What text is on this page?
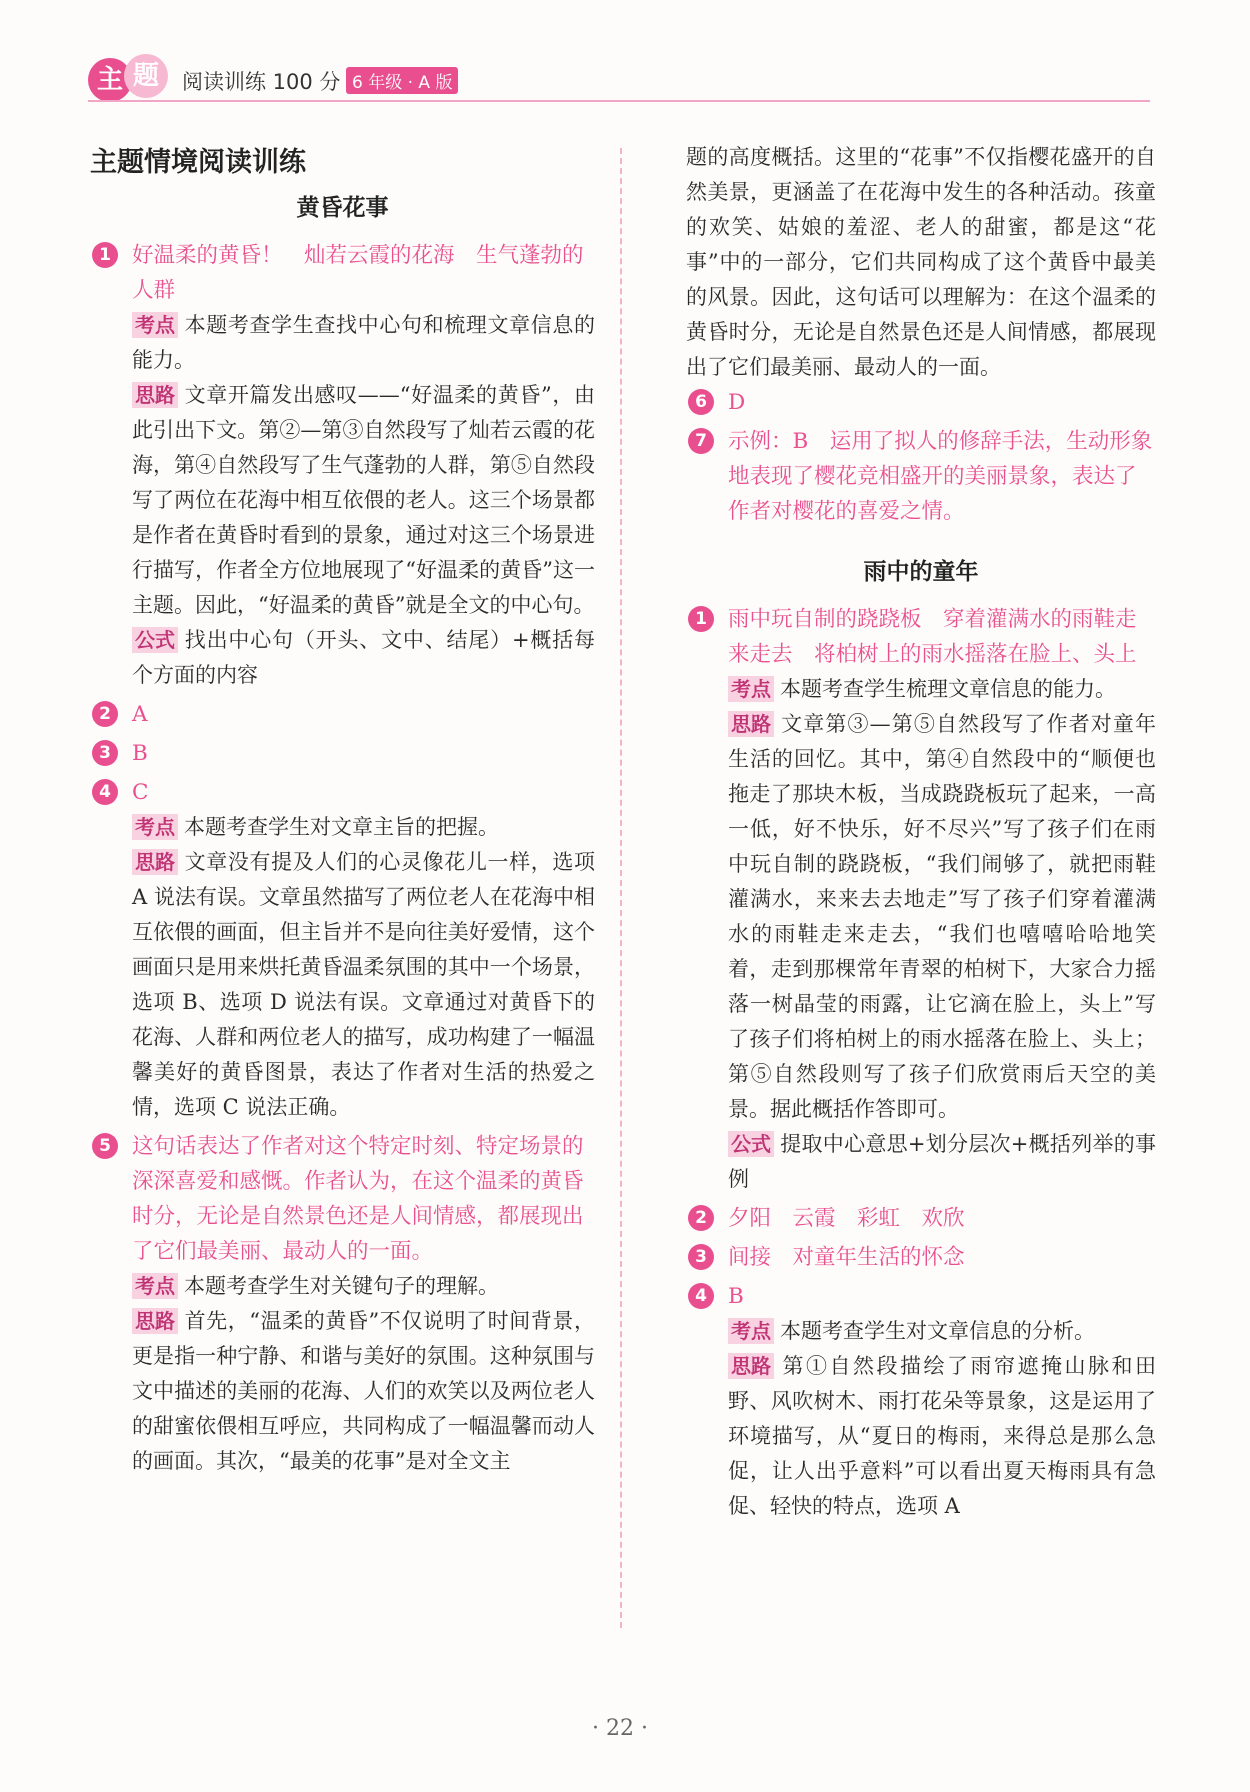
主 题	阅读训练 100 分 6 年级 · A 版
主题情境阅读训练
黄昏花事
1 好温柔的黄昏！　灿若云霞的花海　生气蓬勃的人群
考点 本题考查学生查找中心句和梳理文章信息的能力。
思路 文章开篇发出感叹——“好温柔的黄昏”，由此引出下文。第②—第③自然段写了灿若云霞的花海，第④自然段写了生气蓬勃的人群，第⑤自然段写了两位在花海中相互依偎的老人。这三个场景都是作者在黄昏时看到的景象，通过对这三个场景进行描写，作者全方位地展现了“好温柔的黄昏”这一主题。因此，“好温柔的黄昏”就是全文的中心句。
公式 找出中心句（开头、文中、结尾）+概括每个方面的内容
2 A
3 B
4 C
考点 本题考查学生对文章主旨的把握。
思路 文章没有提及人们的心灵像花儿一样，选项 A 说法有误。文章虽然描写了两位老人在花海中相互依偎的画面，但主旨并不是向往美好爱情，这个画面只是用来烘托黄昏温柔氛围的其中一个场景，选项 B、选项 D 说法有误。文章通过对黄昏下的花海、人群和两位老人的描写，成功构建了一幅温馨美好的黄昏图景，表达了作者对生活的热爱之情，选项 C 说法正确。
5 这句话表达了作者对这个特定时刻、特定场景的深深喜爱和感慨。作者认为，在这个温柔的黄昏时分，无论是自然景色还是人间情感，都展现出了它们最美丽、最动人的一面。
考点 本题考查学生对关键句子的理解。
思路 首先，“温柔的黄昏”不仅说明了时间背景，更是指一种宁静、和谐与美好的氛围。这种氛围与文中描述的美丽的花海、人们的欢笑以及两位老人的甜蜜依偎相互呼应，共同构成了一幅温馨而动人的画面。其次，“最美的花事”是对全文主
题的高度概括。这里的“花事”不仅指樱花盛开的自然美景，更涵盖了在花海中发生的各种活动。孩童的欢笑、姑娘的羞涩、老人的甜蜜，都是这“花事”中的一部分，它们共同构成了这个黄昏中最美的风景。因此，这句话可以理解为：在这个温柔的黄昏时分，无论是自然景色还是人间情感，都展现出了它们最美丽、最动人的一面。
6 D
7 示例：B　运用了拟人的修辞手法，生动形象地表现了樱花竞相盛开的美丽景象，表达了作者对樱花的喜爱之情。
雨中的童年
1 雨中玩自制的跷跷板　穿着灌满水的雨鞋走来走去　将柏树上的雨水摇落在脸上、头上
考点 本题考查学生梳理文章信息的能力。
思路 文章第③—第⑤自然段写了作者对童年生活的回忆。其中，第④自然段中的“顺便也拖走了那块木板，当成跷跷板玩了起来，一高一低，好不快乐，好不尽兴”写了孩子们在雨中玩自制的跷跷板，“我们闹够了，就把雨鞋灌满水，来来去去地走”写了孩子们穿着灌满水的雨鞋走来走去，“我们也嘻嘻哈哈地笑着，走到那棵常年青翠的柏树下，大家合力摇落一树晶莹的雨露，让它滴在脸上，头上”写了孩子们将柏树上的雨水摇落在脸上、头上；第⑤自然段则写了孩子们欣赏雨后天空的美景。据此概括作答即可。
公式 提取中心意思+划分层次+概括列举的事例
2 夕阳　云霞　彩虹　欢欣
3 间接　对童年生活的怀念
4 B
考点 本题考查学生对文章信息的分析。
思路 第①自然段描绘了雨帘遮掩山脉和田野、风吹树木、雨打花朵等景象，这是运用了环境描写，从“夏日的梅雨，来得总是那么急促，让人出乎意料”可以看出夏天梅雨具有急促、轻快的特点，选项 A
· 22 ·
